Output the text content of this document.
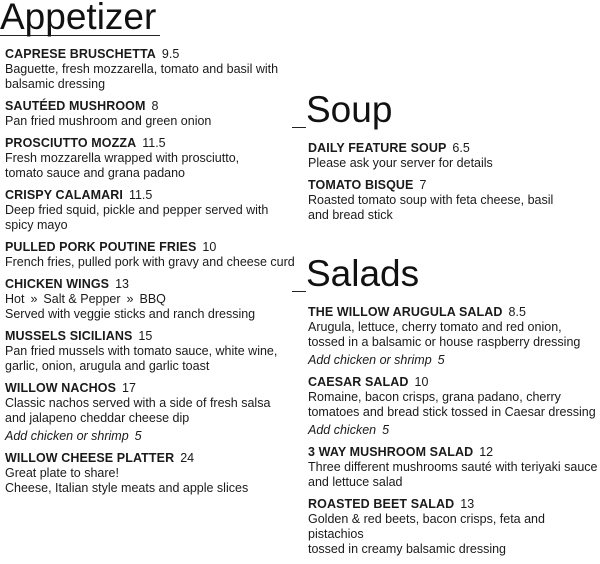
Appetizer
Soup
Salads
CAPRESE BRUSCHETTA 9.5
Baguette, fresh mozzarella, tomato and basil with
balsamic dressing
SAUTÉED MUSHROOM 8
Pan fried mushroom and green onion
PROSCIUTTO MOZZA 11.5
Fresh mozzarella wrapped with prosciutto,
tomato sauce and grana padano
CRISPY CALAMARI 11.5
Deep fried squid, pickle and pepper served with
spicy mayo
PULLED PORK POUTINE FRIES 10
French fries, pulled pork with gravy and cheese curd
CHICKEN WINGS 13
Hot » Salt & Pepper » BBQ
Served with veggie sticks and ranch dressing
MUSSELS SICILIANS 15
Pan fried mussels with tomato sauce, white wine,
garlic, onion, arugula and garlic toast
WILLOW NACHOS 17
Classic nachos served with a side of fresh salsa
and jalapeno cheddar cheese dip
Add chicken or shrimp 5
WILLOW CHEESE PLATTER 24
Great plate to share!
Cheese, Italian style meats and apple slices
DAILY FEATURE SOUP 6.5
Please ask your server for details
TOMATO BISQUE 7
Roasted tomato soup with feta cheese, basil
and bread stick
THE WILLOW ARUGULA SALAD 8.5
Arugula, lettuce, cherry tomato and red onion,
tossed in a balsamic or house raspberry dressing
Add chicken or shrimp 5
CAESAR SALAD 10
Romaine, bacon crisps, grana padano, cherry
tomatoes and bread stick tossed in Caesar dressing
Add chicken 5
3 WAY MUSHROOM SALAD 12
Three different mushrooms sauté with teriyaki sauce
and lettuce salad
ROASTED BEET SALAD 13
Golden & red beets, bacon crisps, feta and pistachios
tossed in creamy balsamic dressing
